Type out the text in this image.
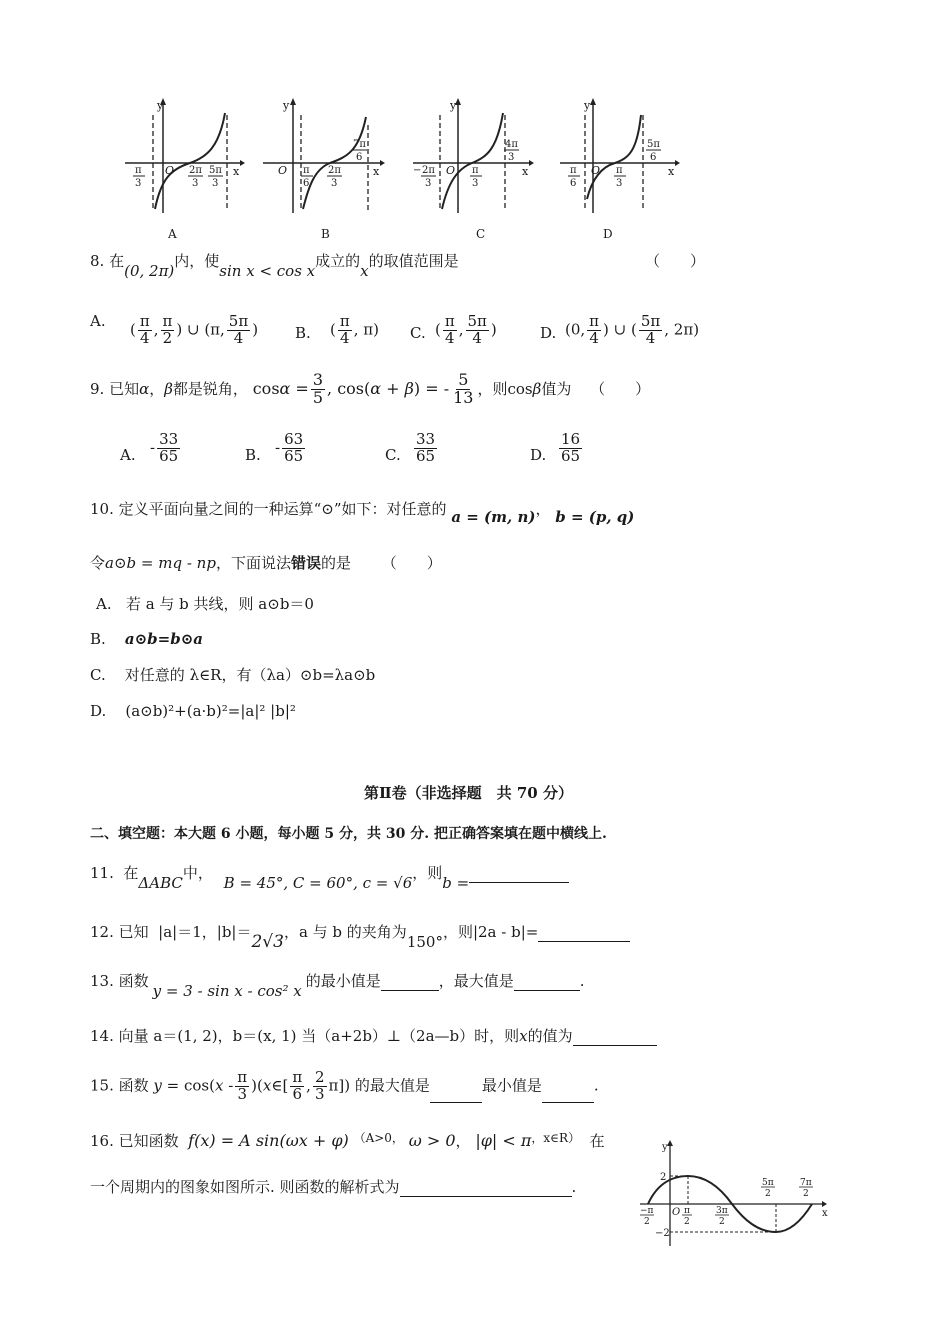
y
x
O
π
3
2π
3
5π
3
A
y
x
O π
6
2π
3
7π
6
B
y
x
O
− 2π
3
π
3
4π
3
C
y
x
O
π
6
π
3
5π
6
D
8. 在(0, 2π)内，使sin x < cos x成立的x的取值范围是	（　　）
A. ( $\frac{\pi}{4}$ , $\frac{\pi}{2}$ ) ∪ (π, $\frac{5\pi}{4}$ ) B. ( $\frac{\pi}{4}$ , π) C. ( $\frac{\pi}{4}$ , $\frac{5\pi}{4}$ )	D. (0, $\frac{\pi}{4}$ ) ∪ ( $\frac{5\pi}{4}$ , 2π)
9. 已知α，β都是锐角， $\cos\alpha = \frac{3}{5}$ , cos(α + β) = - $\frac{5}{13}$ ，则cosβ值为 （　　）
A. - $\frac{33}{65}$	B. - $\frac{63}{65}$	C. $\frac{33}{65}$	D. $\frac{16}{65}$
10. 定义平面向量之间的一种运算“⊙”如下：对任意的 a = (m, n)， b = (p, q)
令a⊙b = mq - np，下面说法错误的是 （　　）
A. 若 a 与 b 共线，则 a⊙b＝0
B. a⊙b=b⊙a
C. 对任意的 λ∈R，有（λa）⊙b=λa⊙b
D. (a⊙b)²+(a·b)²=|a|² |b|²
第Ⅱ卷（非选择题　共 70 分）
二、填空题：本大题 6 小题，每小题 5 分，共 30 分. 把正确答案填在题中横线上.
11. 在ΔABC中， B = 45°, C = 60°, c = √6，则b =
12. 已知 |a|＝1，|b|＝2√3，a 与 b 的夹角为150°，则|2a - b|=
13. 函数y = 3 - sin x - cos² x的最小值是	，最大值是	.
14. 向量 a＝(1, 2)，b＝(x, 1) 当（a+2b）⊥（2a—b）时，则x的值为
15. 函数 $y = \cos(x - \frac{\pi}{3}$ )(x∈[ $\frac{\pi}{6}$ , $\frac{2}{3} \pi$]) 的最大值是	最小值是	.
16. 已知函数 f(x) = A sin(ωx + φ) $^{(A>0,}$ ω > 0， $|\varphi| < \pi^{,x\in R)}$ 在
一个周期内的图象如图所示. 则函数的解析式为	.
y
x
O
2
−2
−π
2
π
2
3π
2
5π
2
7π
2
